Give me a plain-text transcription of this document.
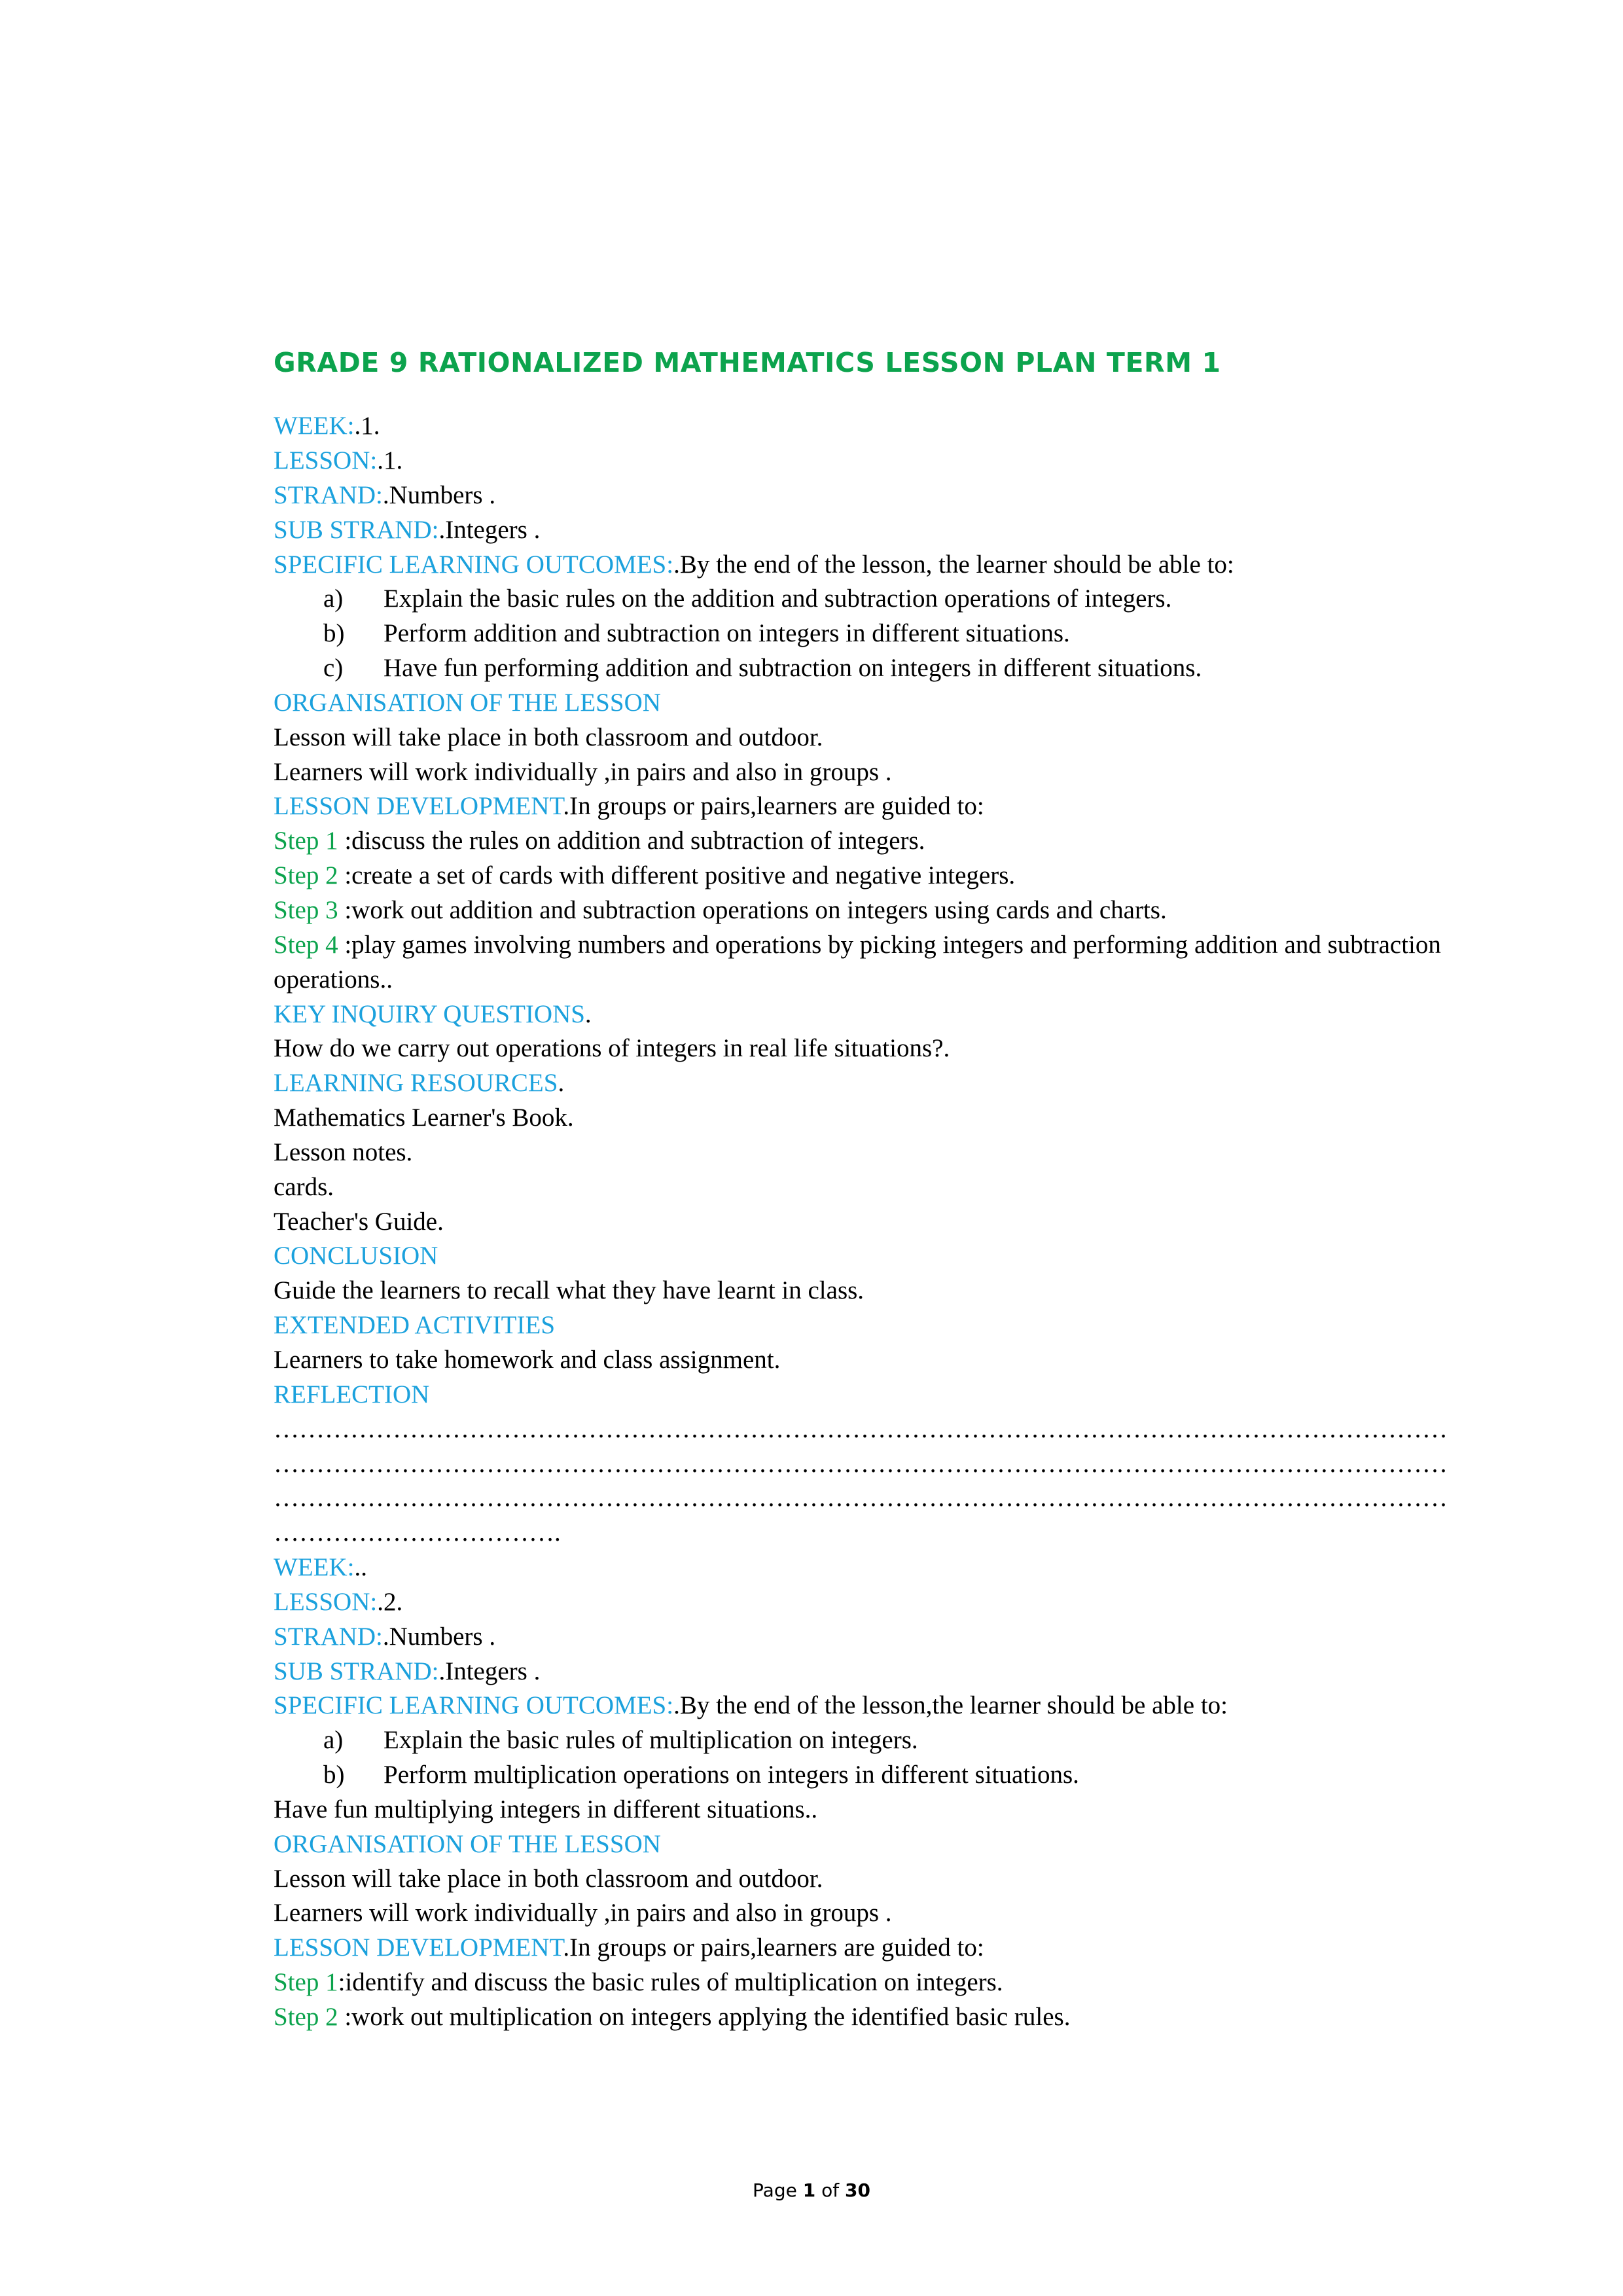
GRADE 9 RATIONALIZED MATHEMATICS LESSON PLAN TERM 1

WEEK:.1.

LESSON:.1.

STRAND:.Numbers .

SUB STRAND:.Integers .

SPECIFIC LEARNING OUTCOMES:.By the end of the lesson, the learner should be able to:

a)	Explain the basic rules on the addition and subtraction operations of integers.
b)	Perform addition and subtraction on integers in different situations.
c)	Have fun performing addition and subtraction on integers in different situations.

ORGANISATION OF THE LESSON

Lesson will take place in both classroom and outdoor.

Learners will work individually ,in pairs and also in groups .

LESSON DEVELOPMENT.In groups or pairs,learners are guided to:

Step 1 :discuss the rules on addition and subtraction of integers.

Step 2 :create a set of cards with different positive and negative integers.

Step 3 :work out addition and subtraction operations on integers using cards and charts.

Step 4 :play games involving numbers and operations by picking integers and performing addition and subtraction operations..

KEY INQUIRY QUESTIONS.

How do we carry out operations of integers in real life situations?.

LEARNING RESOURCES.

Mathematics Learner's Book.

Lesson notes.

cards.

Teacher's Guide.

CONCLUSION

Guide the learners to recall what they have learnt in class.

EXTENDED ACTIVITIES

Learners to take homework and class assignment.

REFLECTION

…………………………………………………………………………………………………………………………

…………………………………………………………………………………………………………………………

…………………………………………………………………………………………………………………………

…………………………….

WEEK:..

LESSON:.2.

STRAND:.Numbers .

SUB STRAND:.Integers .

SPECIFIC LEARNING OUTCOMES:.By the end of the lesson,the learner should be able to:

a)	Explain the basic rules of multiplication on integers.
b)	Perform multiplication operations on integers in different situations.

Have fun multiplying integers in different situations..

ORGANISATION OF THE LESSON

Lesson will take place in both classroom and outdoor.

Learners will work individually ,in pairs and also in groups .

LESSON DEVELOPMENT.In groups or pairs,learners are guided to:

Step 1:identify and discuss the basic rules of multiplication on integers.

Step 2 :work out multiplication on integers applying the identified basic rules.

Page 1 of 30
